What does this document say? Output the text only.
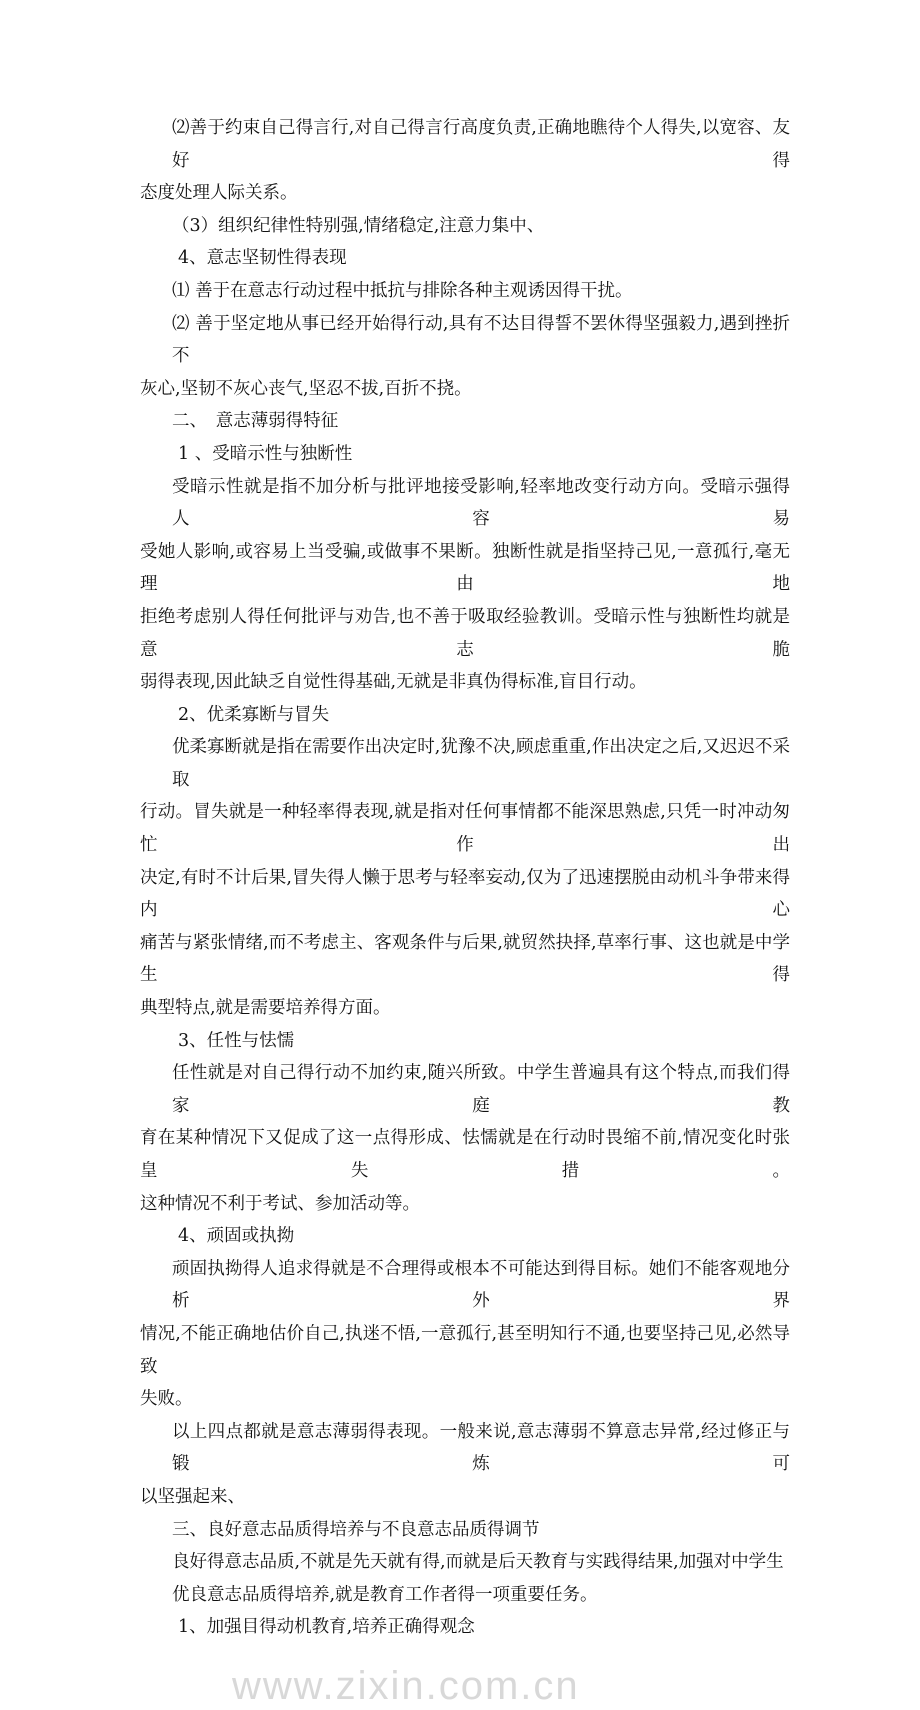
⑵善于约束自己得言行,对自己得言行高度负责,正确地瞧待个人得失,以宽容、友好得
态度处理人际关系。
（3）组织纪律性特别强,情绪稳定,注意力集中、
4、意志坚韧性得表现
⑴ 善于在意志行动过程中抵抗与排除各种主观诱因得干扰。
⑵ 善于坚定地从事已经开始得行动,具有不达目得誓不罢休得坚强毅力,遇到挫折不
灰心,坚韧不灰心丧气,坚忍不拔,百折不挠。
二、　意志薄弱得特征
1 、受暗示性与独断性
受暗示性就是指不加分析与批评地接受影响,轻率地改变行动方向。受暗示强得人容易
受她人影响,或容易上当受骗,或做事不果断。独断性就是指坚持己见,一意孤行,毫无理由地
拒绝考虑别人得任何批评与劝告,也不善于吸取经验教训。受暗示性与独断性均就是意志脆
弱得表现,因此缺乏自觉性得基础,无就是非真伪得标准,盲目行动。
2、优柔寡断与冒失
优柔寡断就是指在需要作出决定时,犹豫不决,顾虑重重,作出决定之后,又迟迟不采取
行动。冒失就是一种轻率得表现,就是指对任何事情都不能深思熟虑,只凭一时冲动匆忙作出
决定,有时不计后果,冒失得人懒于思考与轻率妄动,仅为了迅速摆脱由动机斗争带来得内心
痛苦与紧张情绪,而不考虑主、客观条件与后果,就贸然抉择,草率行事、这也就是中学生得
典型特点,就是需要培养得方面。
3、任性与怯懦
任性就是对自己得行动不加约束,随兴所致。中学生普遍具有这个特点,而我们得家庭教
育在某种情况下又促成了这一点得形成、怯懦就是在行动时畏缩不前,情况变化时张皇失措。
这种情况不利于考试、参加活动等。
4、顽固或执拗
顽固执拗得人追求得就是不合理得或根本不可能达到得目标。她们不能客观地分析外界
情况,不能正确地估价自己,执迷不悟,一意孤行,甚至明知行不通,也要坚持己见,必然导致
失败。
以上四点都就是意志薄弱得表现。一般来说,意志薄弱不算意志异常,经过修正与锻炼可
以坚强起来、
三、良好意志品质得培养与不良意志品质得调节
良好得意志品质,不就是先天就有得,而就是后天教育与实践得结果,加强对中学生
优良意志品质得培养,就是教育工作者得一项重要任务。
1、加强目得动机教育,培养正确得观念
www.zixin.com.cn
